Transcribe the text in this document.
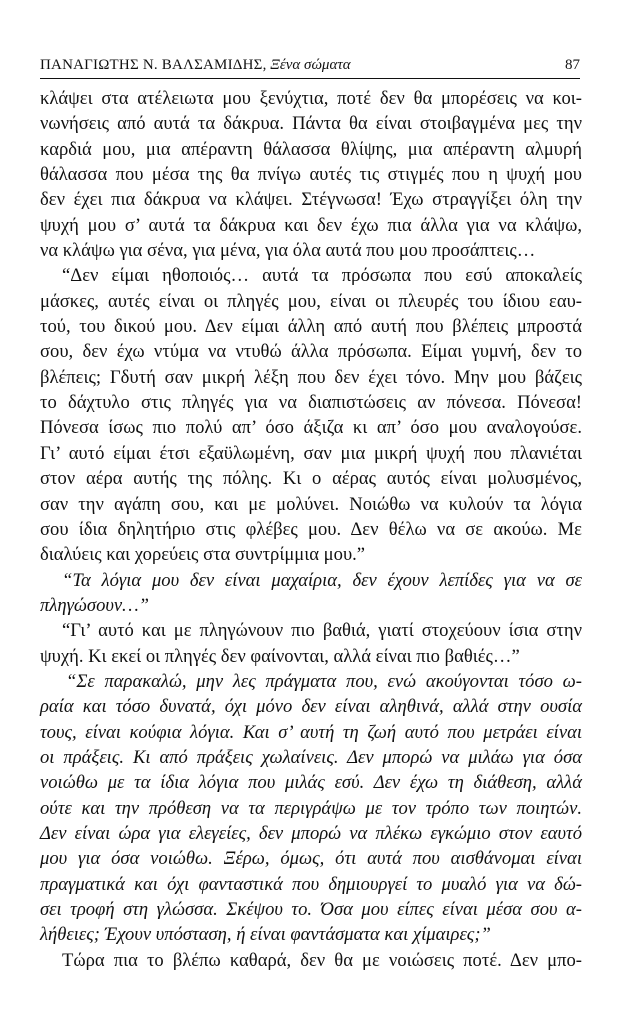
ΠΑΝΑΓΙΩΤΗΣ Ν. ΒΑΛΣΑΜΙΔΗΣ, Ξένα σώματα	87
κλάψει στα ατέλειωτα μου ξενύχτια, ποτέ δεν θα μπορέσεις να κοι-
νωνήσεις από αυτά τα δάκρυα. Πάντα θα είναι στοιβαγμένα μες την
καρδιά μου, μια απέραντη θάλασσα θλίψης, μια απέραντη αλμυρή
θάλασσα που μέσα της θα πνίγω αυτές τις στιγμές που η ψυχή μου
δεν έχει πια δάκρυα να κλάψει. Στέγνωσα! Έχω στραγγίξει όλη την
ψυχή μου σ’ αυτά τα δάκρυα και δεν έχω πια άλλα για να κλάψω,
να κλάψω για σένα, για μένα, για όλα αυτά που μου προσάπτεις…
“Δεν είμαι ηθοποιός… αυτά τα πρόσωπα που εσύ αποκαλείς
μάσκες, αυτές είναι οι πληγές μου, είναι οι πλευρές του ίδιου εαυ-
τού, του δικού μου. Δεν είμαι άλλη από αυτή που βλέπεις μπροστά
σου, δεν έχω ντύμα να ντυθώ άλλα πρόσωπα. Είμαι γυμνή, δεν το
βλέπεις; Γδυτή σαν μικρή λέξη που δεν έχει τόνο. Μην μου βάζεις
το δάχτυλο στις πληγές για να διαπιστώσεις αν πόνεσα. Πόνεσα!
Πόνεσα ίσως πιο πολύ απ’ όσο άξιζα κι απ’ όσο μου αναλογούσε.
Γι’ αυτό είμαι έτσι εξαϋλωμένη, σαν μια μικρή ψυχή που πλανιέται
στον αέρα αυτής της πόλης. Κι ο αέρας αυτός είναι μολυσμένος,
σαν την αγάπη σου, και με μολύνει. Νοιώθω να κυλούν τα λόγια
σου ίδια δηλητήριο στις φλέβες μου. Δεν θέλω να σε ακούω. Με
διαλύεις και χορεύεις στα συντρίμμια μου.”
“Τα λόγια μου δεν είναι μαχαίρια, δεν έχουν λεπίδες για να σε
πληγώσουν…”
“Γι’ αυτό και με πληγώνουν πιο βαθιά, γιατί στοχεύουν ίσια στην
ψυχή. Κι εκεί οι πληγές δεν φαίνονται, αλλά είναι πιο βαθιές…”
“Σε παρακαλώ, μην λες πράγματα που, ενώ ακούγονται τόσο ω-
ραία και τόσο δυνατά, όχι μόνο δεν είναι αληθινά, αλλά στην ουσία
τους, είναι κούφια λόγια. Και σ’ αυτή τη ζωή αυτό που μετράει είναι
οι πράξεις. Κι από πράξεις χωλαίνεις. Δεν μπορώ να μιλάω για όσα
νοιώθω με τα ίδια λόγια που μιλάς εσύ. Δεν έχω τη διάθεση, αλλά
ούτε και την πρόθεση να τα περιγράψω με τον τρόπο των ποιητών.
Δεν είναι ώρα για ελεγείες, δεν μπορώ να πλέκω εγκώμιο στον εαυτό
μου για όσα νοιώθω. Ξέρω, όμως, ότι αυτά που αισθάνομαι είναι
πραγματικά και όχι φανταστικά που δημιουργεί το μυαλό για να δώ-
σει τροφή στη γλώσσα. Σκέψου το. Όσα μου είπες είναι μέσα σου α-
λήθειες; Έχουν υπόσταση, ή είναι φαντάσματα και χίμαιρες;”
Τώρα πια το βλέπω καθαρά, δεν θα με νοιώσεις ποτέ. Δεν μπο-
